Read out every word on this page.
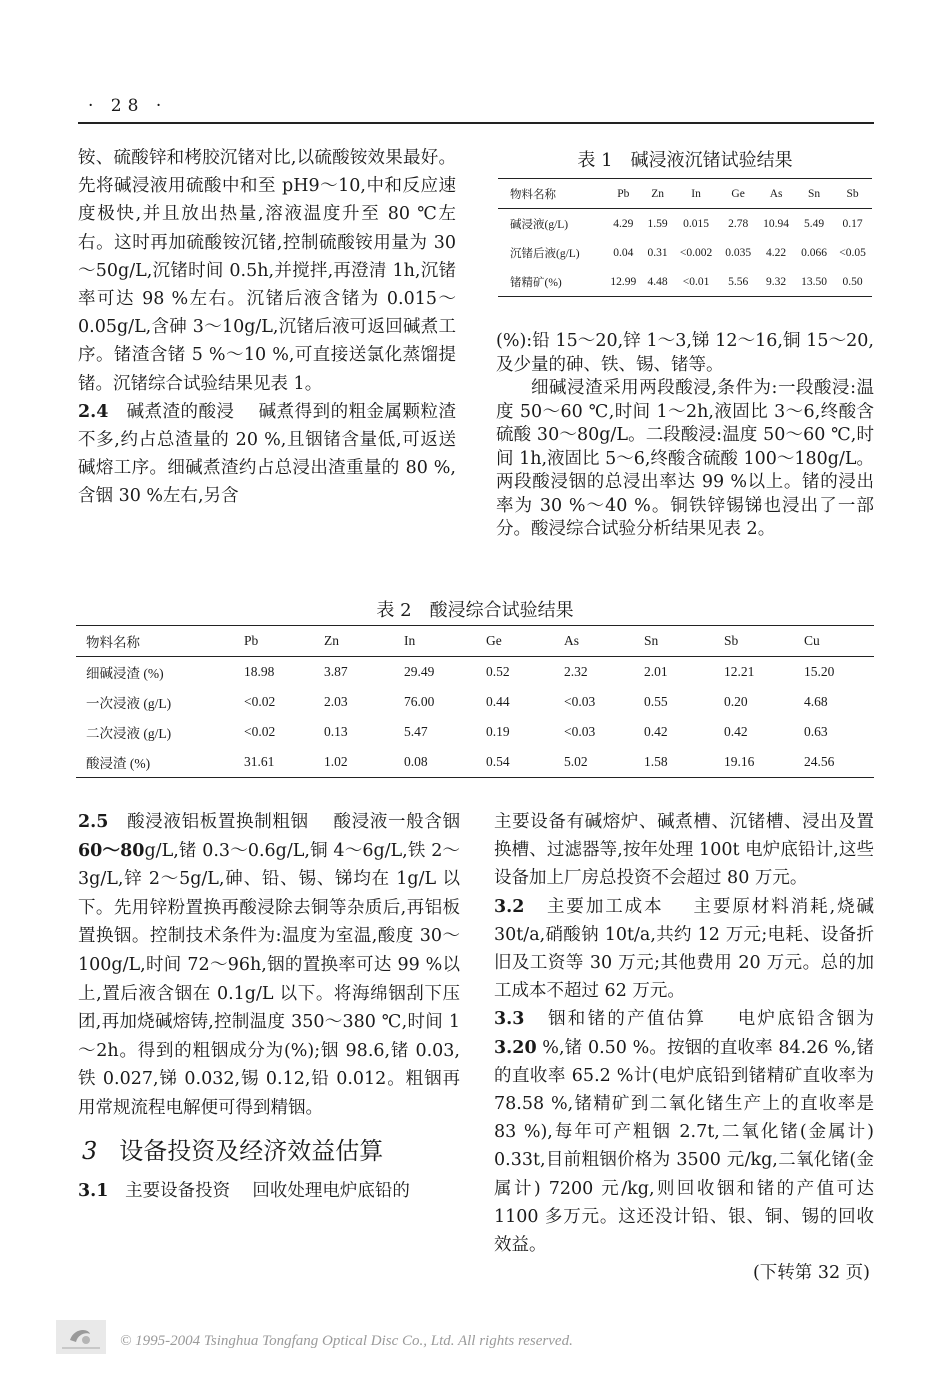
· 28 ·

铵、硫酸锌和栲胶沉锗对比,以硫酸铵效果最好。先将碱浸液用硫酸中和至 pH9～10,中和反应速度极快,并且放出热量,溶液温度升至 80 ℃左右。这时再加硫酸铵沉锗,控制硫酸铵用量为 30～50g/L,沉锗时间 0.5h,并搅拌,再澄清 1h,沉锗率可达 98 %左右。沉锗后液含锗为 0.015～0.05g/L,含砷 3～10g/L,沉锗后液可返回碱煮工序。锗渣含锗 5 %～10 %,可直接送氯化蒸馏提锗。沉锗综合试验结果见表 1。

2.4 碱煮渣的酸浸 碱煮得到的粗金属颗粒渣不多,约占总渣量的 20 %,且铟锗含量低,可返送碱熔工序。细碱煮渣约占总浸出渣重量的 80 %,含铟 30 %左右,另含

表 1　碱浸液沉锗试验结果
物料名称	Pb	Zn	In	Ge	As	Sn	Sb
碱浸液(g/L)	4.29	1.59	0.015	2.78	10.94	5.49	0.17
沉锗后液(g/L)	0.04	0.31	<0.002	0.035	4.22	0.066	<0.05
锗精矿(%)	12.99	4.48	<0.01	5.56	9.32	13.50	0.50

(%):铅 15～20,锌 1～3,锑 12～16,铜 15～20,及少量的砷、铁、锡、锗等。

细碱浸渣采用两段酸浸,条件为:一段酸浸:温度 50～60 ℃,时间 1～2h,液固比 3～6,终酸含硫酸 30～80g/L。二段酸浸:温度 50～60 ℃,时间 1h,液固比 5～6,终酸含硫酸 100～180g/L。两段酸浸铟的总浸出率达 99 %以上。锗的浸出率为 30 %～40 %。铜铁锌锡锑也浸出了一部分。酸浸综合试验分析结果见表 2。

表 2　酸浸综合试验结果
物料名称	Pb	Zn	In	Ge	As	Sn	Sb	Cu
细碱浸渣 (%)	18.98	3.87	29.49	0.52	2.32	2.01	12.21	15.20
一次浸液 (g/L)	<0.02	2.03	76.00	0.44	<0.03	0.55	0.20	4.68
二次浸液 (g/L)	<0.02	0.13	5.47	0.19	<0.03	0.42	0.42	0.63
酸浸渣 (%)	31.61	1.02	0.08	0.54	5.02	1.58	19.16	24.56

2.5 酸浸液铝板置换制粗铟 酸浸液一般含铟 60～80g/L,锗 0.3～0.6g/L,铜 4～6g/L,铁 2～3g/L,锌 2～5g/L,砷、铅、锡、锑均在 1g/L 以下。先用锌粉置换再酸浸除去铜等杂质后,再铝板置换铟。控制技术条件为:温度为室温,酸度 30～100g/L,时间 72～96h,铟的置换率可达 99 %以上,置后液含铟在 0.1g/L 以下。将海绵铟刮下压团,再加烧碱熔铸,控制温度 350～380 ℃,时间 1～2h。得到的粗铟成分为(%);铟 98.6,锗 0.03,铁 0.027,锑 0.032,锡 0.12,铅 0.012。粗铟再用常规流程电解便可得到精铟。

3 设备投资及经济效益估算

3.1 主要设备投资 回收处理电炉底铅的

主要设备有碱熔炉、碱煮槽、沉锗槽、浸出及置换槽、过滤器等,按年处理 100t 电炉底铅计,这些设备加上厂房总投资不会超过 80 万元。

3.2 主要加工成本 主要原材料消耗,烧碱 30t/a,硝酸钠 10t/a,共约 12 万元;电耗、设备折旧及工资等 30 万元;其他费用 20 万元。总的加工成本不超过 62 万元。

3.3 铟和锗的产值估算 电炉底铅含铟为 3.20 %,锗 0.50 %。按铟的直收率 84.26 %,锗的直收率 65.2 %计(电炉底铅到锗精矿直收率为 78.58 %,锗精矿到二氧化锗生产上的直收率是 83 %),每年可产粗铟 2.7t,二氧化锗(金属计) 0.33t,目前粗铟价格为 3500 元/kg,二氧化锗(金属计) 7200 元/kg,则回收铟和锗的产值可达 1100 多万元。这还没计铅、银、铜、锡的回收效益。

(下转第 32 页)

© 1995-2004 Tsinghua Tongfang Optical Disc Co., Ltd. All rights reserved.
